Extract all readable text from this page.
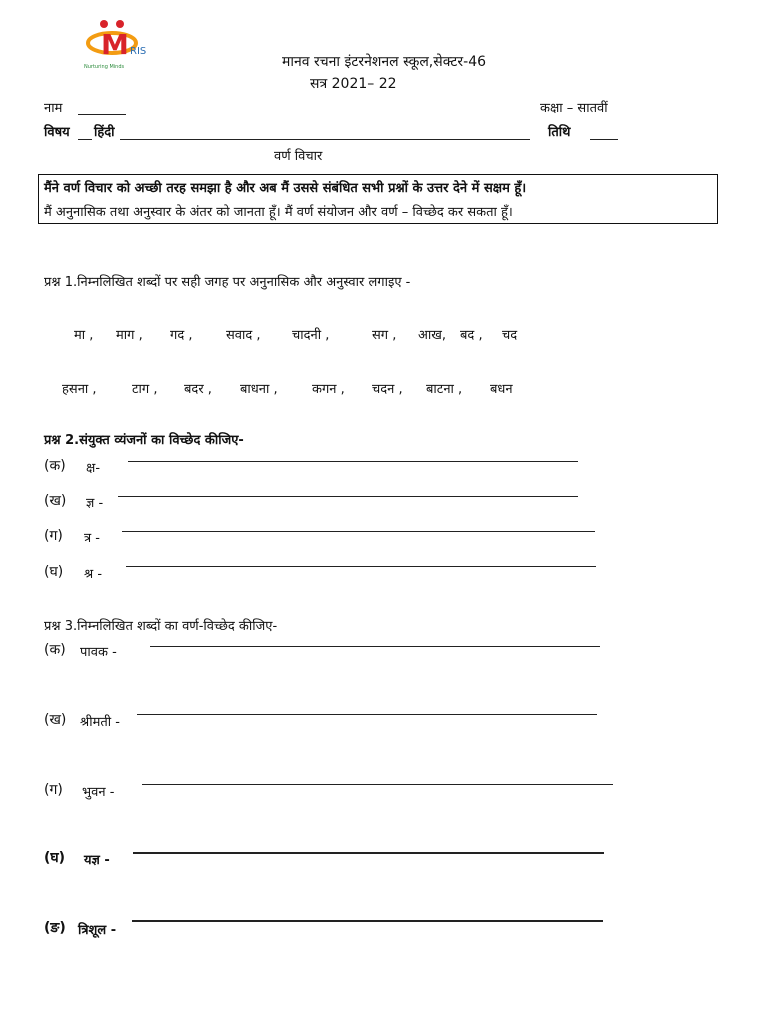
M RIS
Nurturing Minds	मानव रचना इंटरनेशनल स्कूल,सेक्टर-46
सत्र 2021– 22
नाम	कक्षा – सातवीं
विषय हिंदी	तिथि
वर्ण विचार
मैंने वर्ण विचार को अच्छी तरह समझा है और अब मैं उससे संबंधित सभी प्रश्नों के उत्तर देने में सक्षम हूँ।
मैं अनुनासिक तथा अनुस्वार के अंतर को जानता हूँ। मैं वर्ण संयोजन और वर्ण – विच्छेद कर सकता हूँ।
प्रश्न 1.निम्नलिखित शब्दों पर सही जगह पर अनुनासिक और अनुस्वार लगाइए -
मा , माग , गद ,	सवाद , चादनी ,	सग , आख, बद , चद
हसना ,	टाग , बदर , बाधना ,	कगन , चदन , बाटना , बधन
प्रश्न 2.संयुक्त व्यंजनों का विच्छेद कीजिए-
(क) क्ष-
(ख) ज्ञ -
(ग) त्र -
(घ) श्र -
प्रश्न 3.निम्नलिखित शब्दों का वर्ण-विच्छेद कीजिए-
(क) पावक -
(ख) श्रीमती -
(ग) भुवन -
(घ) यज्ञ -
(ङ) त्रिशूल -
